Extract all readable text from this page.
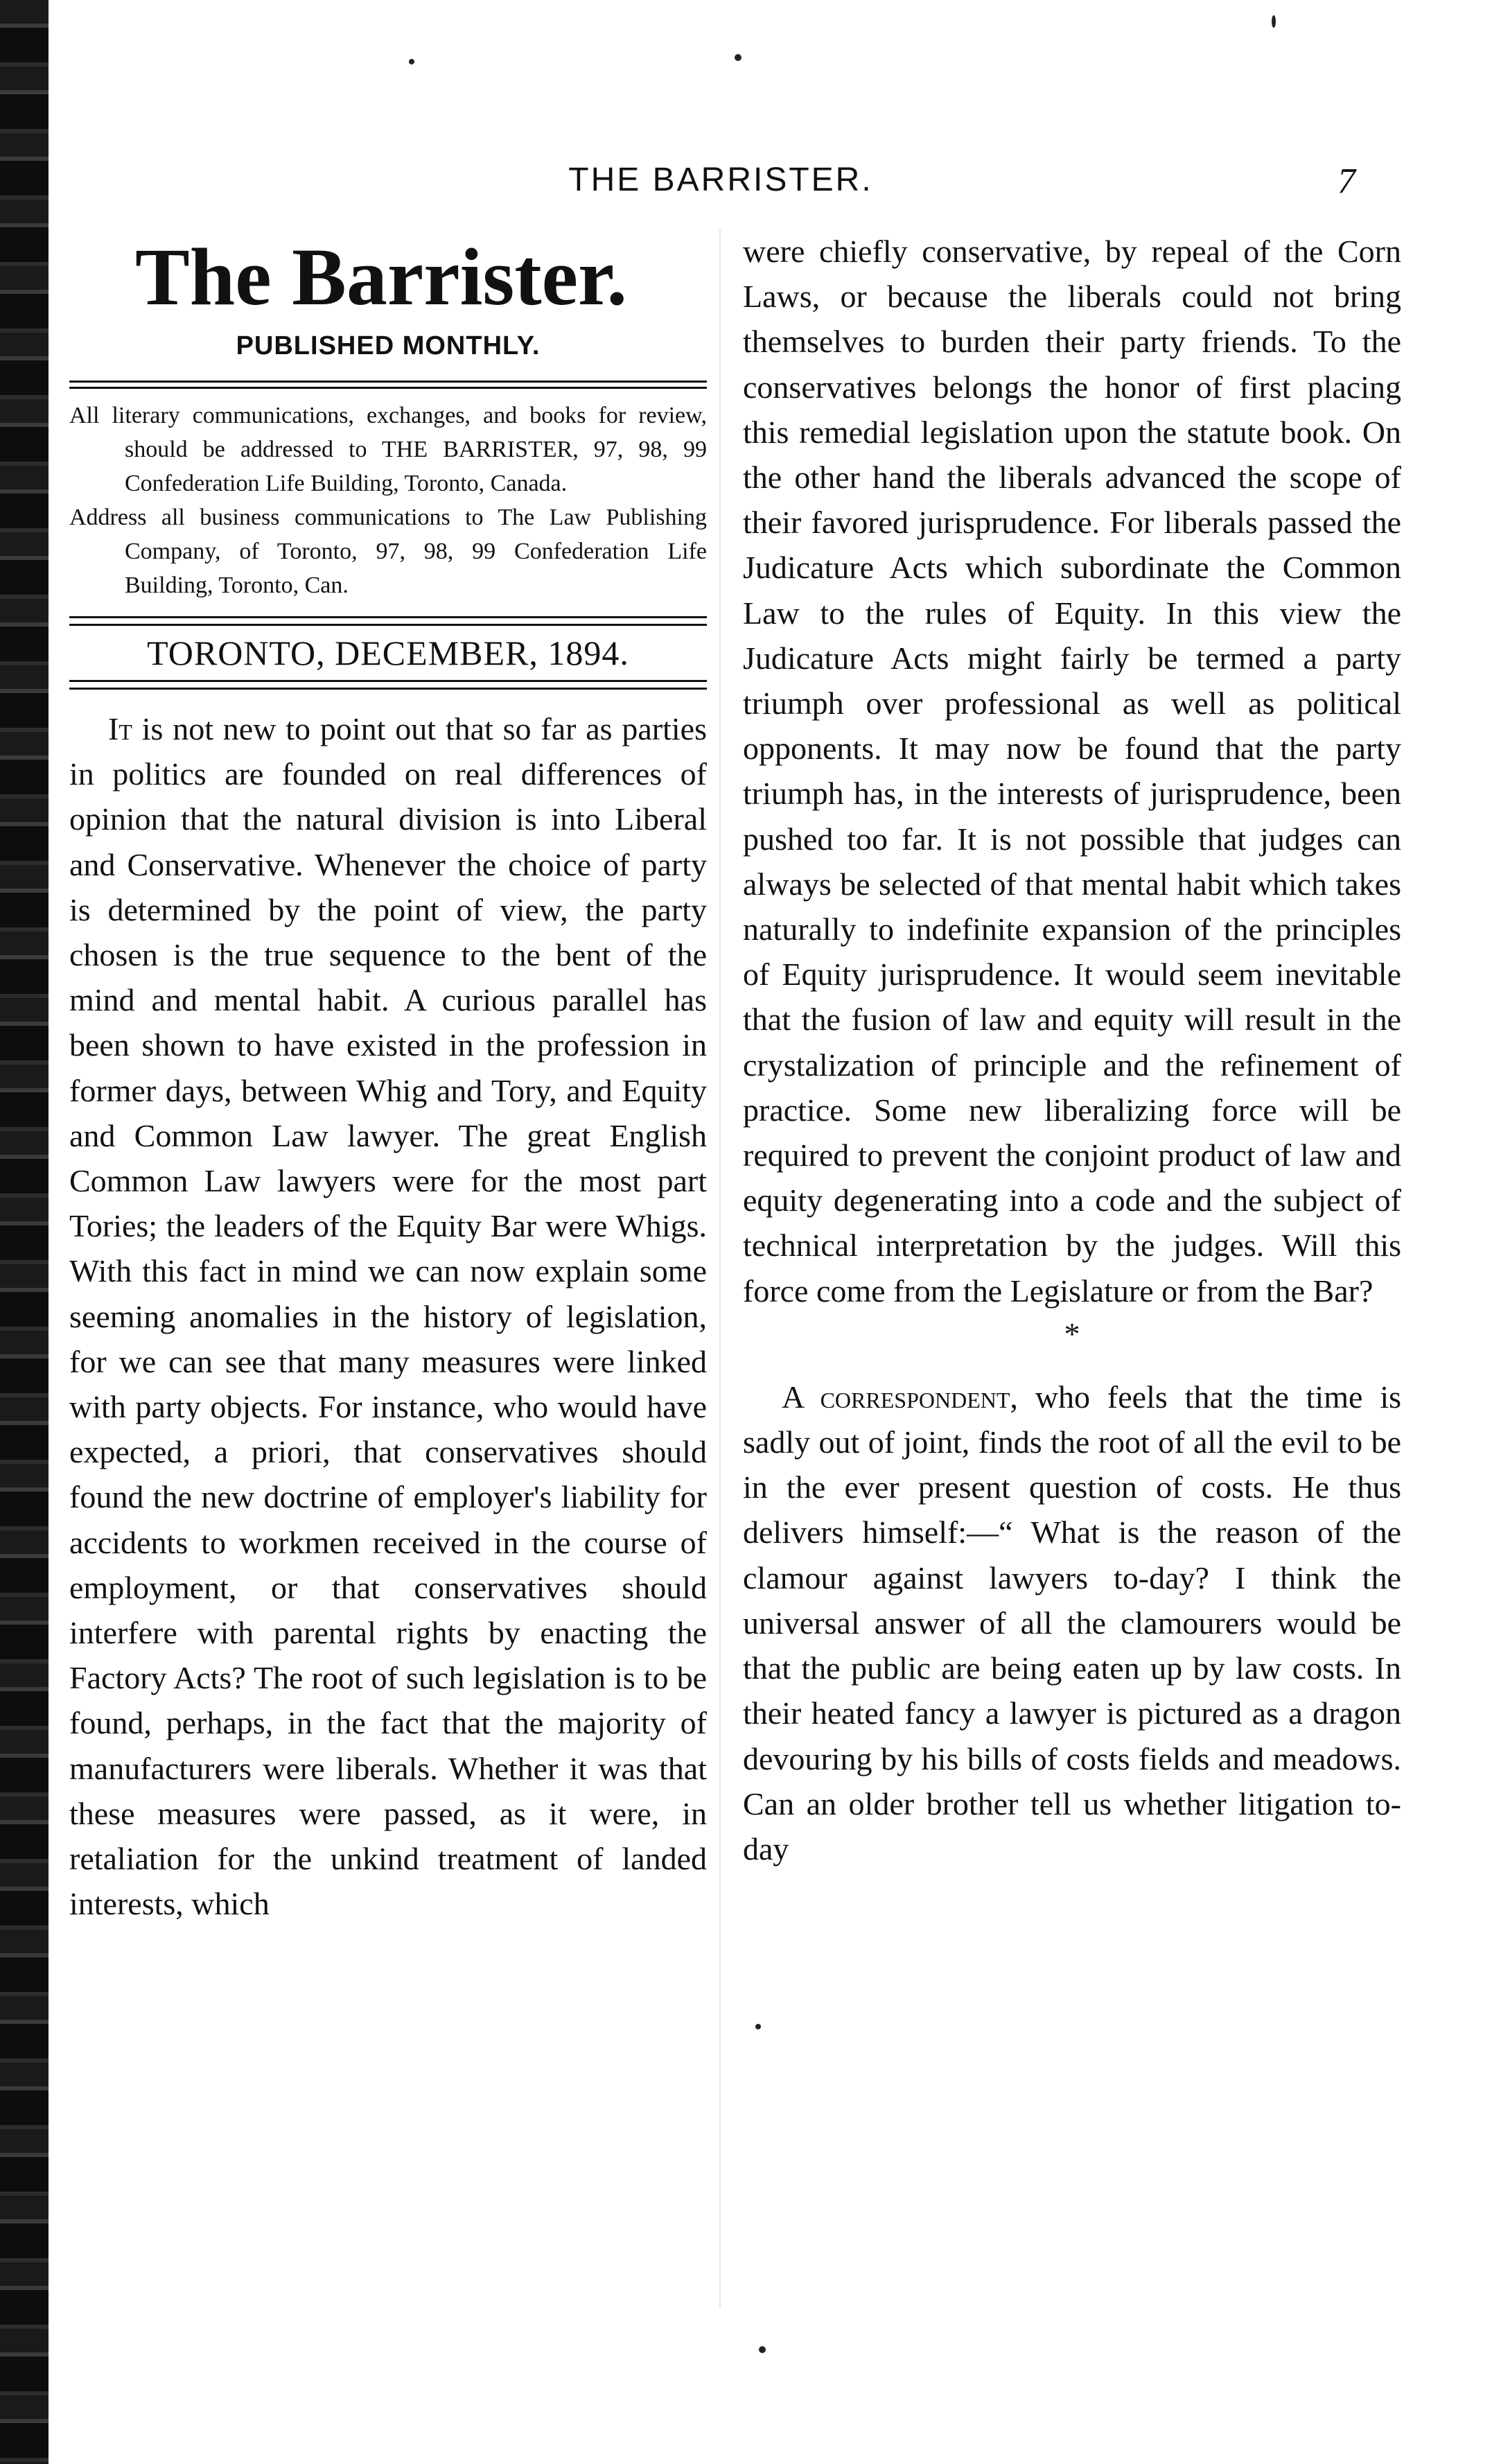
THE BARRISTER.	7
The Barrister.
PUBLISHED MONTHLY.

All literary communications, exchanges, and books for review, should be addressed to THE BARRISTER, 97, 98, 99 Confederation Life Building, Toronto, Canada.

Address all business communications to The Law Publishing Company, of Toronto, 97, 98, 99 Confederation Life Building, Toronto, Can.

TORONTO, DECEMBER, 1894.

It is not new to point out that so far as parties in politics are founded on real differences of opinion that the natural division is into Liberal and Conservative. Whenever the choice of party is determined by the point of view, the party chosen is the true sequence to the bent of the mind and mental habit. A curious parallel has been shown to have existed in the profession in former days, between Whig and Tory, and Equity and Common Law lawyer. The great English Common Law lawyers were for the most part Tories; the leaders of the Equity Bar were Whigs. With this fact in mind we can now explain some seeming anomalies in the history of legislation, for we can see that many measures were linked with party objects. For instance, who would have expected, a priori, that conservatives should found the new doctrine of employer's liability for accidents to workmen received in the course of employment, or that conservatives should interfere with parental rights by enacting the Factory Acts? The root of such legislation is to be found, perhaps, in the fact that the majority of manufacturers were liberals. Whether it was that these measures were passed, as it were, in retaliation for the unkind treatment of landed interests, which

were chiefly conservative, by repeal of the Corn Laws, or because the liberals could not bring themselves to burden their party friends. To the conservatives belongs the honor of first placing this remedial legislation upon the statute book. On the other hand the liberals advanced the scope of their favored jurisprudence. For liberals passed the Judicature Acts which subordinate the Common Law to the rules of Equity. In this view the Judicature Acts might fairly be termed a party triumph over professional as well as political opponents. It may now be found that the party triumph has, in the interests of jurisprudence, been pushed too far. It is not possible that judges can always be selected of that mental habit which takes naturally to indefinite expansion of the principles of Equity jurisprudence. It would seem inevitable that the fusion of law and equity will result in the crystalization of principle and the refinement of practice. Some new liberalizing force will be required to prevent the conjoint product of law and equity degenerating into a code and the subject of technical interpretation by the judges. Will this force come from the Legislature or from the Bar?

*

A correspondent, who feels that the time is sadly out of joint, finds the root of all the evil to be in the ever present question of costs. He thus delivers himself:—“ What is the reason of the clamour against lawyers to-day? I think the universal answer of all the clamourers would be that the public are being eaten up by law costs. In their heated fancy a lawyer is pictured as a dragon devouring by his bills of costs fields and meadows. Can an older brother tell us whether litigation to-day
